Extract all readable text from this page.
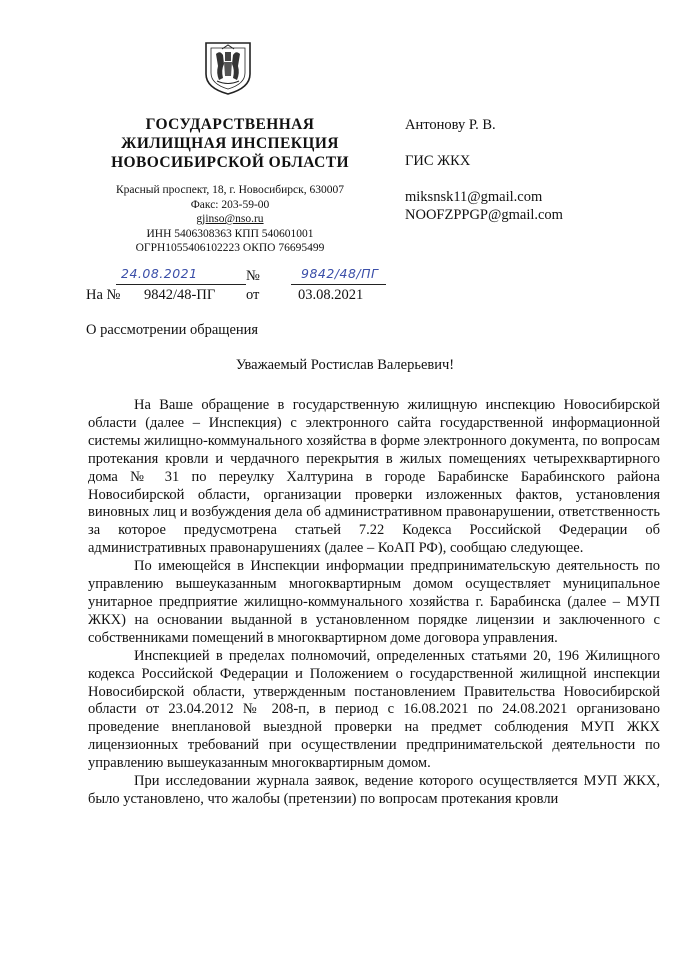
ГОСУДАРСТВЕННАЯ
ЖИЛИЩНАЯ ИНСПЕКЦИЯ
НОВОСИБИРСКОЙ ОБЛАСТИ
Красный проспект, 18, г. Новосибирск, 630007
Факс: 203-59-00
gjinso@nso.ru
ИНН 5406308363 КПП 540601001
ОГРН1055406102223 ОКПО 76695499
Антонову Р. В.
ГИС ЖКХ
miksnsk11@gmail.com
NOOFZPPGP@gmail.com
24.08.2021	№	9842/48/ПГ
На № 9842/48-ПГ от	03.08.2021
О рассмотрении обращения
Уважаемый Ростислав Валерьевич!

На Ваше обращение в государственную жилищную инспекцию Новосибирской области (далее – Инспекция) с электронного сайта государственной информационной системы жилищно-коммунального хозяйства в форме электронного документа, по вопросам протекания кровли и чердачного перекрытия в жилых помещениях четырехквартирного дома № 31 по переулку Халтурина в городе Барабинске Барабинского района Новосибирской области, организации проверки изложенных фактов, установления виновных лиц и возбуждения дела об административном правонарушении, ответственность за которое предусмотрена статьей 7.22 Кодекса Российской Федерации об административных правонарушениях (далее – КоАП РФ), сообщаю следующее.

По имеющейся в Инспекции информации предпринимательскую деятельность по управлению вышеуказанным многоквартирным домом осуществляет муниципальное унитарное предприятие жилищно-коммунального хозяйства г. Барабинска (далее – МУП ЖКХ) на основании выданной в установленном порядке лицензии и заключенного с собственниками помещений в многоквартирном доме договора управления.

Инспекцией в пределах полномочий, определенных статьями 20, 196 Жилищного кодекса Российской Федерации и Положением о государственной жилищной инспекции Новосибирской области, утвержденным постановлением Правительства Новосибирской области от 23.04.2012 № 208-п, в период с 16.08.2021 по 24.08.2021 организовано проведение внеплановой выездной проверки на предмет соблюдения МУП ЖКХ лицензионных требований при осуществлении предпринимательской деятельности по управлению вышеуказанным многоквартирным домом.

При исследовании журнала заявок, ведение которого осуществляется МУП ЖКХ, было установлено, что жалобы (претензии) по вопросам протекания кровли
